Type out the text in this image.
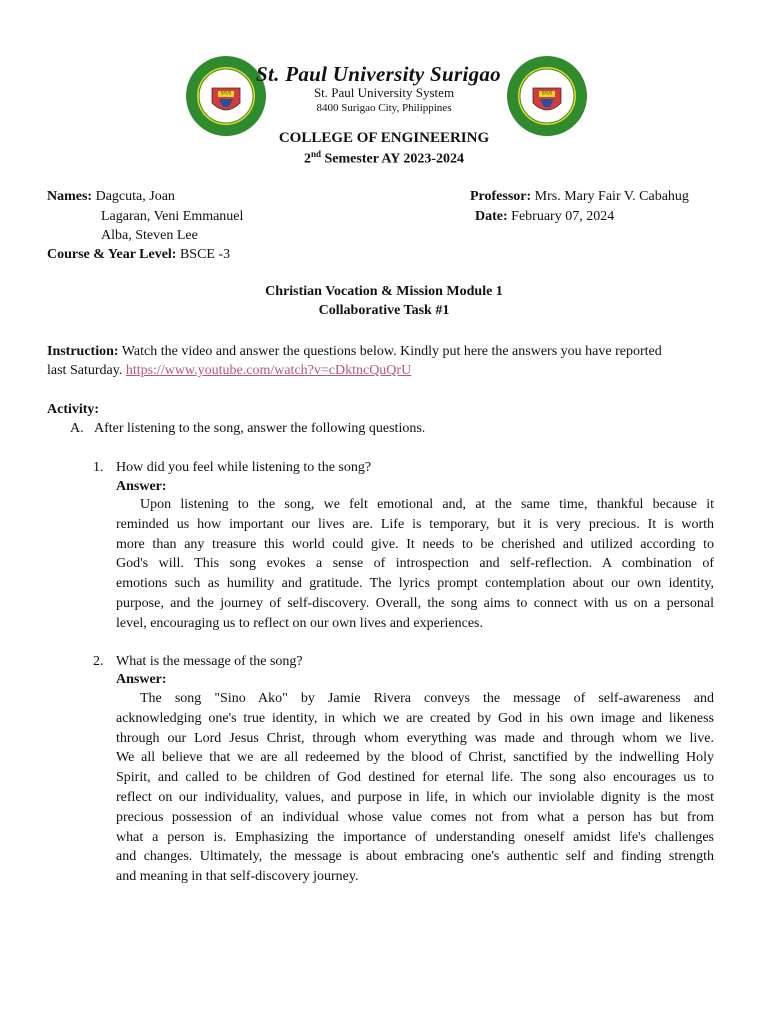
SPUS	SPUS
St. Paul University Surigao
St. Paul University System
8400 Surigao City, Philippines
COLLEGE OF ENGINEERING
2nd Semester AY 2023-2024
Names: Dagcuta, Joan
Lagaran, Veni Emmanuel
Alba, Steven Lee
Course & Year Level: BSCE -3
Professor: Mrs. Mary Fair V. Cabahug
Date: February 07, 2024
Christian Vocation & Mission Module 1
Collaborative Task #1
Instruction: Watch the video and answer the questions below. Kindly put here the answers you have reported
last Saturday. https://www.youtube.com/watch?v=cDktncQuQrU
Activity:
A. After listening to the song, answer the following questions.
1. How did you feel while listening to the song?
Answer:
Upon listening to the song, we felt emotional and, at the same time, thankful because it
reminded us how important our lives are. Life is temporary, but it is very precious. It is worth
more than any treasure this world could give. It needs to be cherished and utilized according to
God's will. This song evokes a sense of introspection and self-reflection. A combination of
emotions such as humility and gratitude. The lyrics prompt contemplation about our own identity,
purpose, and the journey of self-discovery. Overall, the song aims to connect with us on a personal
level, encouraging us to reflect on our own lives and experiences.
2. What is the message of the song?
Answer:
The song "Sino Ako" by Jamie Rivera conveys the message of self-awareness and
acknowledging one's true identity, in which we are created by God in his own image and likeness
through our Lord Jesus Christ, through whom everything was made and through whom we live.
We all believe that we are all redeemed by the blood of Christ, sanctified by the indwelling Holy
Spirit, and called to be children of God destined for eternal life. The song also encourages us to
reflect on our individuality, values, and purpose in life, in which our inviolable dignity is the most
precious possession of an individual whose value comes not from what a person has but from
what a person is. Emphasizing the importance of understanding oneself amidst life's challenges
and changes. Ultimately, the message is about embracing one's authentic self and finding strength
and meaning in that self-discovery journey.
